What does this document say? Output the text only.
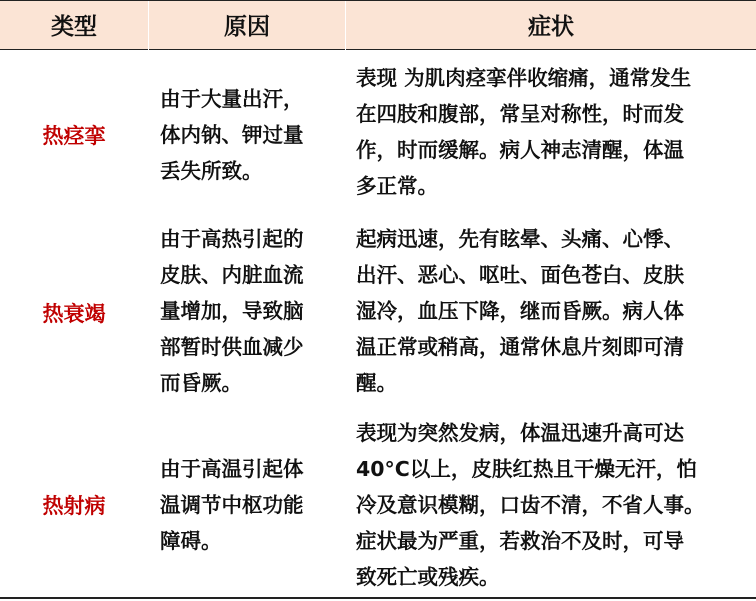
类型	原因	症状
热痉挛
由于大量出汗，
体内钠、钾过量
丢失所致。
表现 为肌肉痉挛伴收缩痛，通常发生
在四肢和腹部，常呈对称性，时而发
作，时而缓解。病人神志清醒，体温
多正常。
热衰竭
由于高热引起的
皮肤、内脏血流
量增加，导致脑
部暂时供血减少
而昏厥。
起病迅速，先有眩晕、头痛、心悸、
出汗、恶心、呕吐、面色苍白、皮肤
湿冷，血压下降，继而昏厥。病人体
温正常或稍高，通常休息片刻即可清
醒。
热射病
由于高温引起体
温调节中枢功能
障碍。
表现为突然发病，体温迅速升高可达
40°C以上，皮肤红热且干燥无汗，怕
冷及意识模糊，口齿不清，不省人事。
症状最为严重，若救治不及时，可导
致死亡或残疾。
